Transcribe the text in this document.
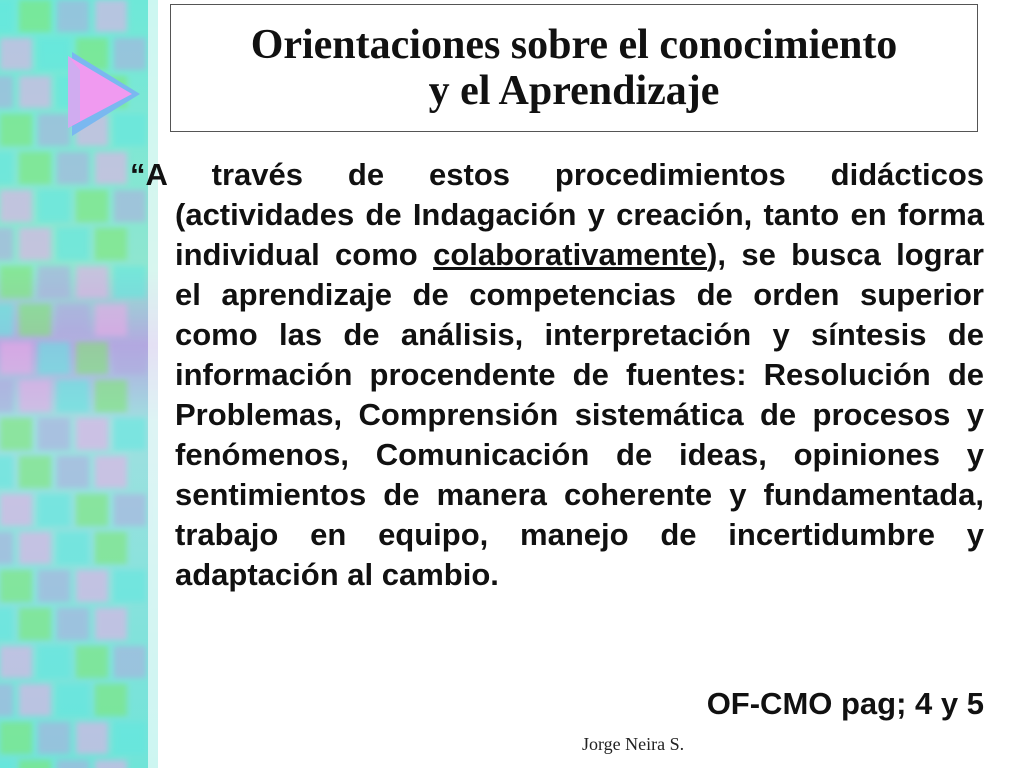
Orientaciones sobre el conocimiento
y el Aprendizaje

“A través de estos procedimientos didácticos (actividades de Indagación y creación, tanto en forma individual como colaborativamente), se busca lograr el aprendizaje de competencias de orden superior como las de análisis, interpretación y síntesis de información procendente de fuentes: Resolución de Problemas, Comprensión sistemática de procesos y fenómenos, Comunicación de ideas, opiniones y sentimientos de manera coherente y fundamentada, trabajo en equipo, manejo de incertidumbre y adaptación al cambio.

OF-CMO pag; 4 y 5

Jorge Neira S.
